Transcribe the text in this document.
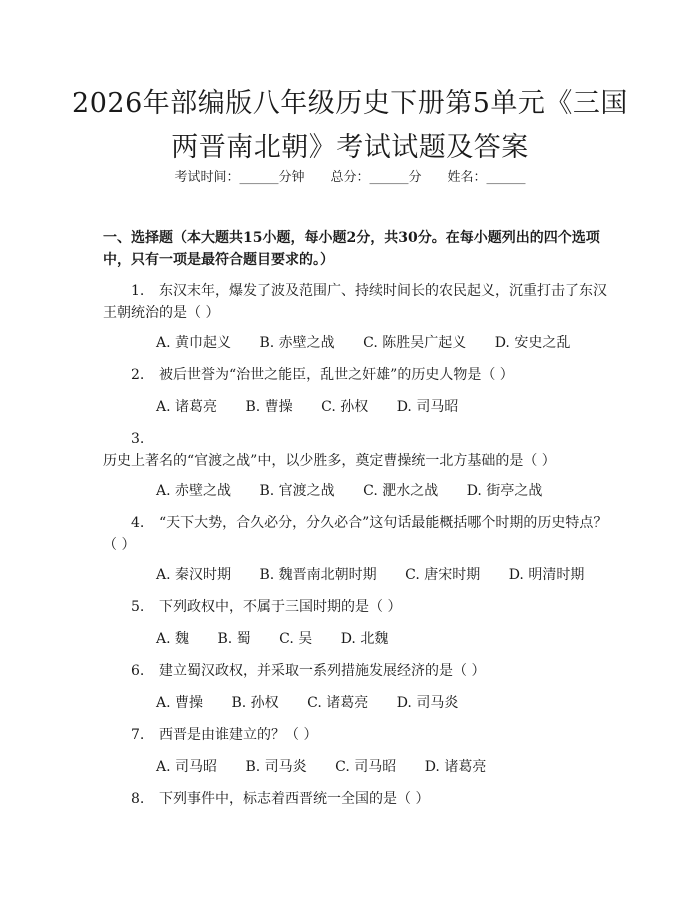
2026年部编版八年级历史下册第5单元《三国两晋南北朝》考试试题及答案
考试时间：______分钟　　总分：______分　　姓名：______
一、选择题（本大题共15小题，每小题2分，共30分。在每小题列出的四个选项中，只有一项是最符合题目要求的。）
1. 东汉末年，爆发了波及范围广、持续时间长的农民起义，沉重打击了东汉王朝统治的是（ ）
A. 黄巾起义 B. 赤壁之战 C. 陈胜吴广起义 D. 安史之乱
2. 被后世誉为“治世之能臣，乱世之奸雄”的历史人物是（ ）
A. 诸葛亮 B. 曹操 C. 孙权 D. 司马昭
3.历史上著名的“官渡之战”中，以少胜多，奠定曹操统一北方基础的是（ ）
A. 赤壁之战 B. 官渡之战 C. 淝水之战 D. 街亭之战
4. “天下大势，合久必分，分久必合”这句话最能概括哪个时期的历史特点？（ ）
A. 秦汉时期 B. 魏晋南北朝时期 C. 唐宋时期 D. 明清时期
5. 下列政权中，不属于三国时期的是（ ）
A. 魏 B. 蜀 C. 吴 D. 北魏
6. 建立蜀汉政权，并采取一系列措施发展经济的是（ ）
A. 曹操 B. 孙权 C. 诸葛亮 D. 司马炎
7. 西晋是由谁建立的？（ ）
A. 司马昭 B. 司马炎 C. 司马昭 D. 诸葛亮
8. 下列事件中，标志着西晋统一全国的是（ ）
